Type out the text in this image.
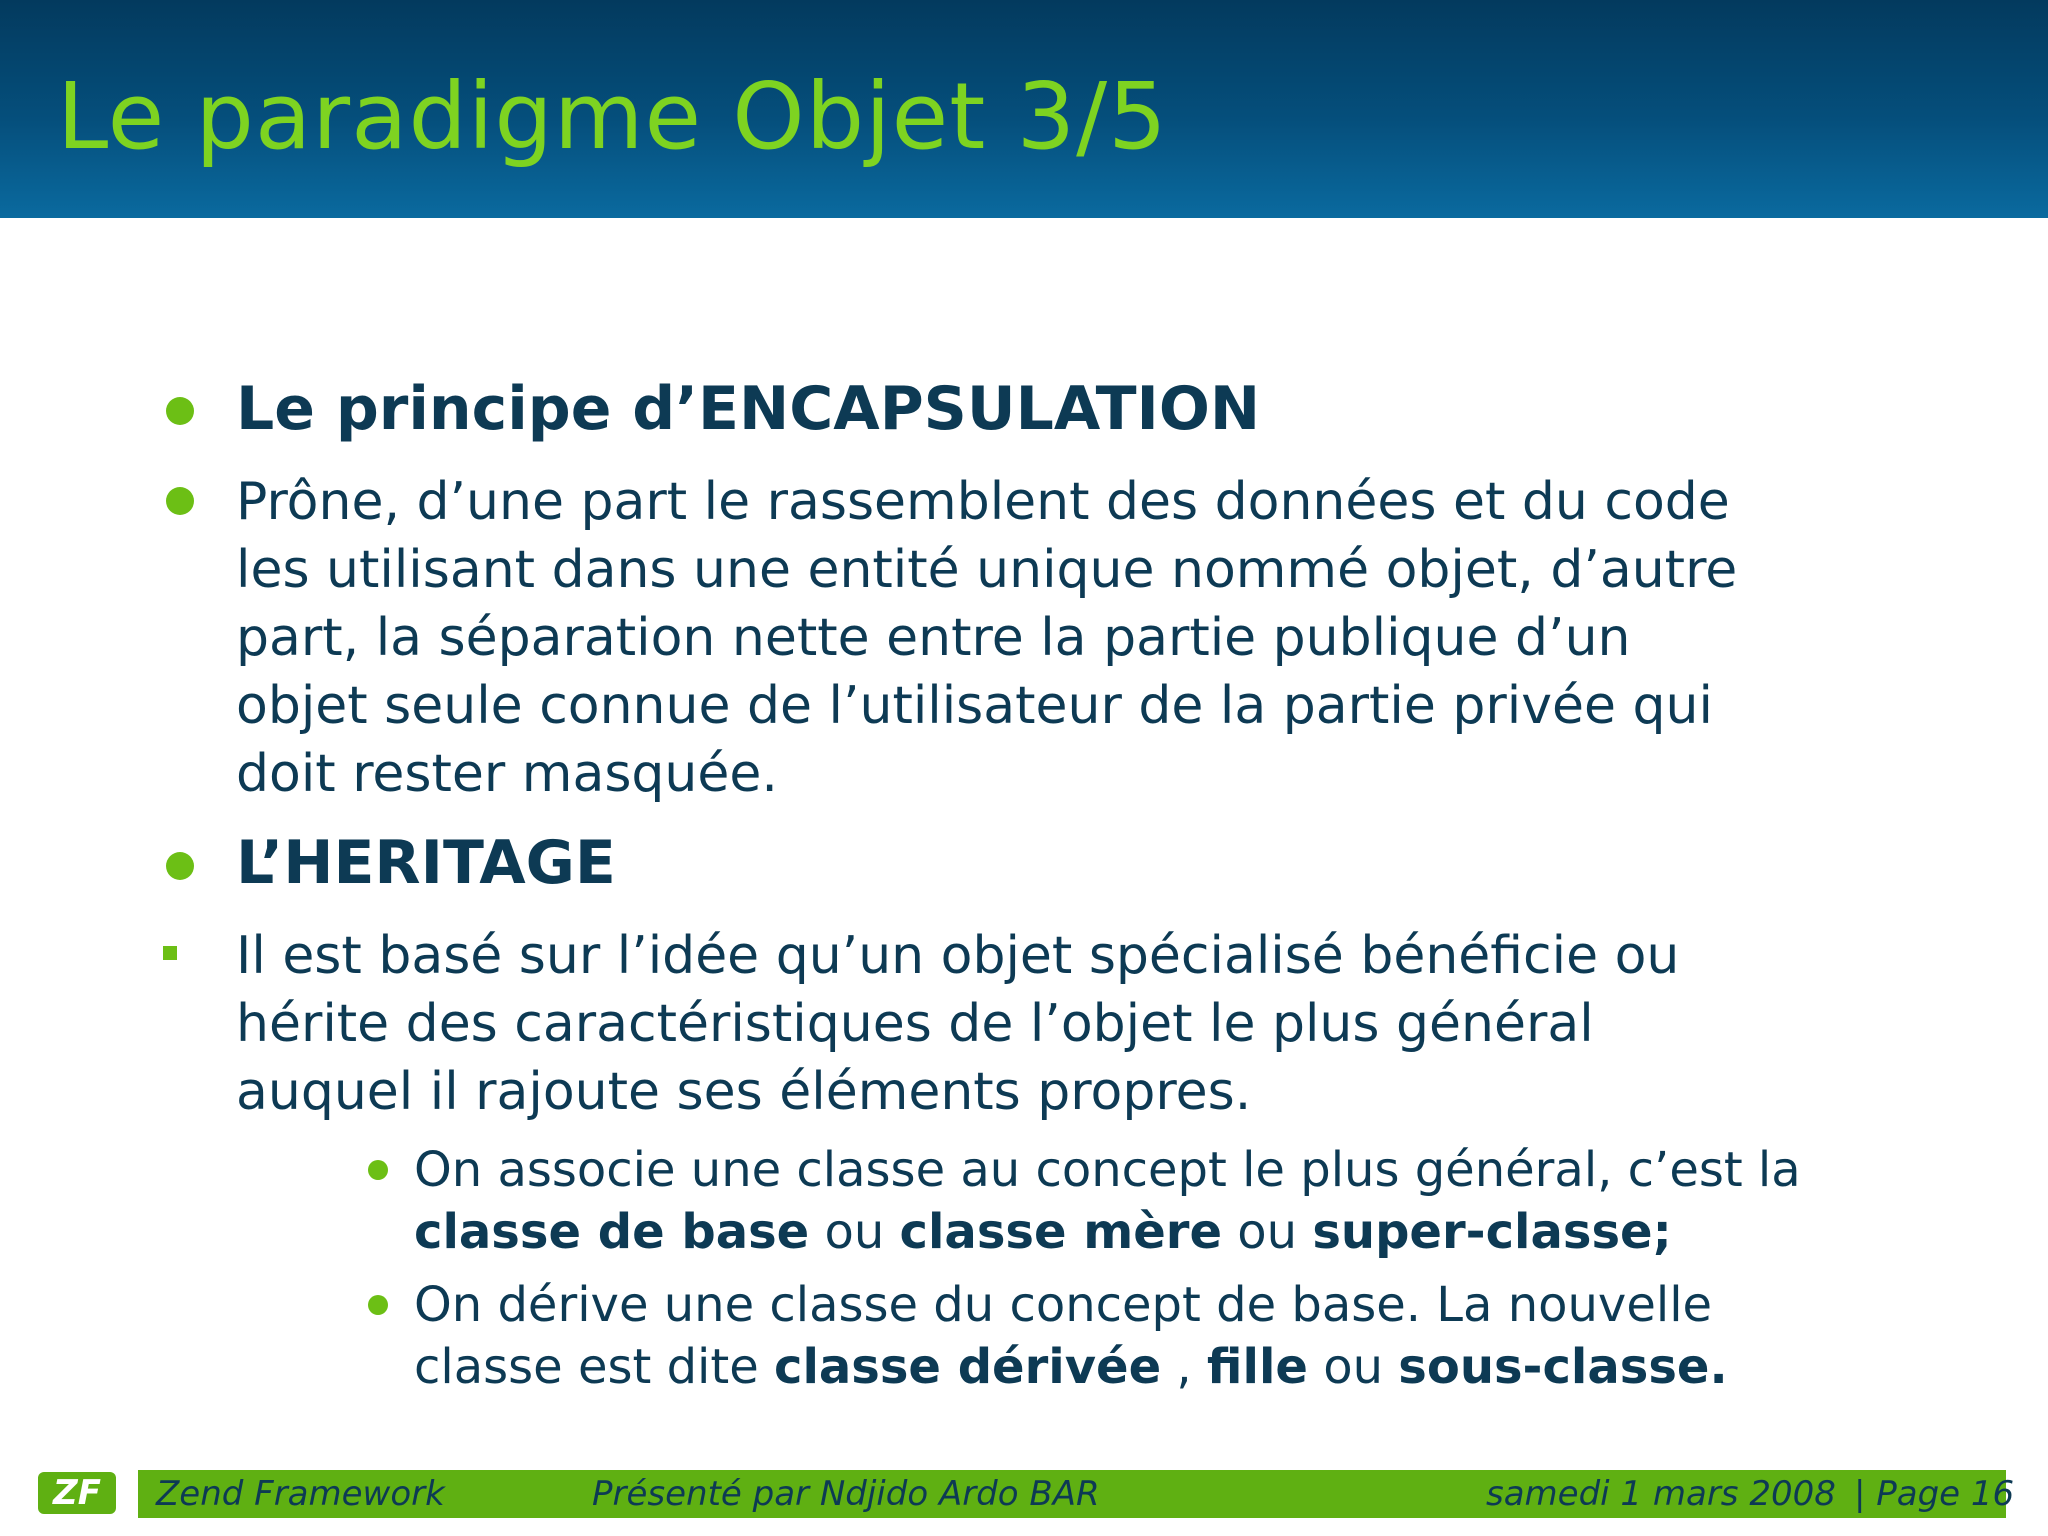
Le paradigme Objet 3/5
Le principe d’ENCAPSULATION
Prône, d’une part le rassemblent des données et du code
les utilisant dans une entité unique nommé objet, d’autre
part, la séparation nette entre la partie publique d’un
objet seule connue de l’utilisateur de la partie privée qui
doit rester masquée.
L’HERITAGE
Il est basé sur l’idée qu’un objet spécialisé bénéficie ou
hérite des caractéristiques de l’objet le plus général
auquel il rajoute ses éléments propres.
On associe une classe au concept le plus général, c’est la
classe de base ou classe mère ou super-classe;
On dérive une classe du concept de base. La nouvelle
classe est dite classe dérivée , fille ou sous-classe.
ZF	Zend Framework	Présenté par Ndjido Ardo BAR	samedi 1 mars 2008 | Page 16
